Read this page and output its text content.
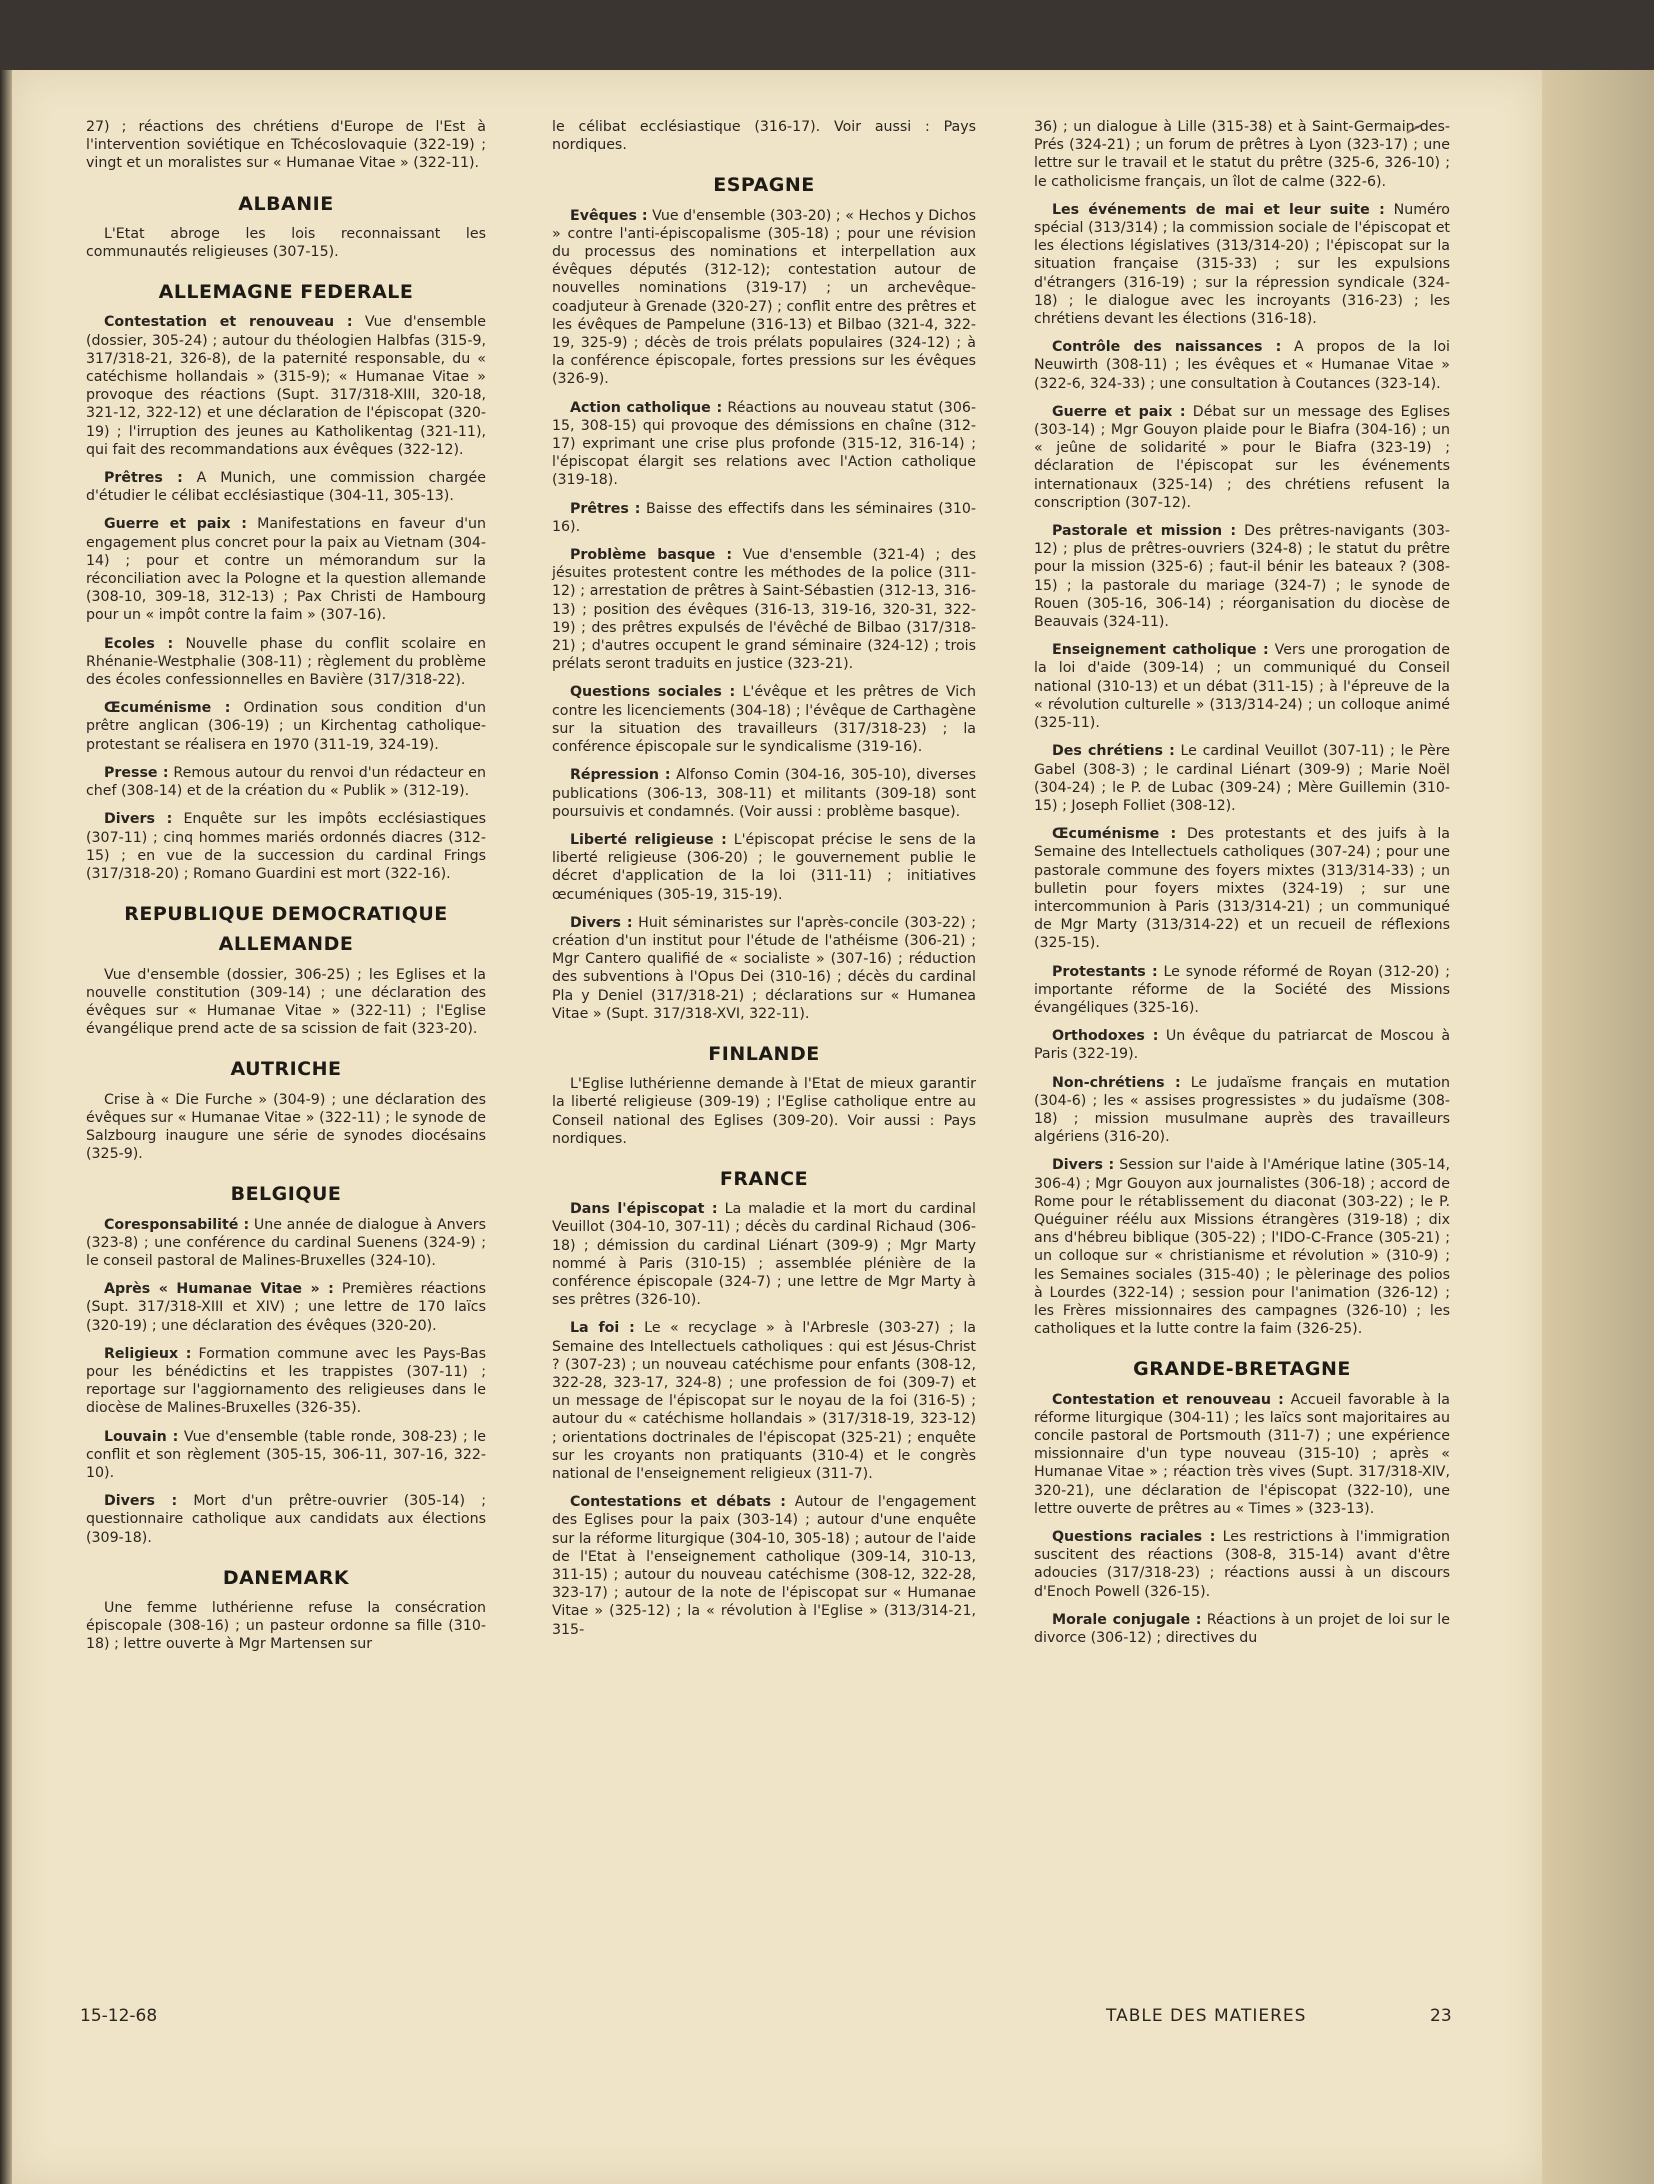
27) ; réactions des chrétiens d'Europe de l'Est à l'intervention soviétique en Tchécoslovaquie (322-19) ; vingt et un moralistes sur « Humanae Vitae » (322-11).

ALBANIE

L'Etat abroge les lois reconnaissant les communautés religieuses (307-15).

ALLEMAGNE FEDERALE

Contestation et renouveau : Vue d'ensemble (dossier, 305-24) ; autour du théologien Halbfas (315-9, 317/318-21, 326-8), de la paternité responsable, du « catéchisme hollandais » (315-9); « Humanae Vitae » provoque des réactions (Supt. 317/318-XIII, 320-18, 321-12, 322-12) et une déclaration de l'épiscopat (320-19) ; l'irruption des jeunes au Katholikentag (321-11), qui fait des recommandations aux évêques (322-12).

Prêtres : A Munich, une commission chargée d'étudier le célibat ecclésiastique (304-11, 305-13).

Guerre et paix : Manifestations en faveur d'un engagement plus concret pour la paix au Vietnam (304-14) ; pour et contre un mémorandum sur la réconciliation avec la Pologne et la question allemande (308-10, 309-18, 312-13) ; Pax Christi de Hambourg pour un « impôt contre la faim » (307-16).

Ecoles : Nouvelle phase du conflit scolaire en Rhénanie-Westphalie (308-11) ; règlement du problème des écoles confessionnelles en Bavière (317/318-22).

Œcuménisme : Ordination sous condition d'un prêtre anglican (306-19) ; un Kirchentag catholique-protestant se réalisera en 1970 (311-19, 324-19).

Presse : Remous autour du renvoi d'un rédacteur en chef (308-14) et de la création du « Publik » (312-19).

Divers : Enquête sur les impôts ecclésiastiques (307-11) ; cinq hommes mariés ordonnés diacres (312-15) ; en vue de la succession du cardinal Frings (317/318-20) ; Romano Guardini est mort (322-16).

REPUBLIQUE DEMOCRATIQUE
ALLEMANDE

Vue d'ensemble (dossier, 306-25) ; les Eglises et la nouvelle constitution (309-14) ; une déclaration des évêques sur « Humanae Vitae » (322-11) ; l'Eglise évangélique prend acte de sa scission de fait (323-20).

AUTRICHE

Crise à « Die Furche » (304-9) ; une déclaration des évêques sur « Humanae Vitae » (322-11) ; le synode de Salzbourg inaugure une série de synodes diocésains (325-9).

BELGIQUE

Coresponsabilité : Une année de dialogue à Anvers (323-8) ; une conférence du cardinal Suenens (324-9) ; le conseil pastoral de Malines-Bruxelles (324-10).

Après « Humanae Vitae » : Premières réactions (Supt. 317/318-XIII et XIV) ; une lettre de 170 laïcs (320-19) ; une déclaration des évêques (320-20).

Religieux : Formation commune avec les Pays-Bas pour les bénédictins et les trappistes (307-11) ; reportage sur l'aggiornamento des religieuses dans le diocèse de Malines-Bruxelles (326-35).

Louvain : Vue d'ensemble (table ronde, 308-23) ; le conflit et son règlement (305-15, 306-11, 307-16, 322-10).

Divers : Mort d'un prêtre-ouvrier (305-14) ; questionnaire catholique aux candidats aux élections (309-18).

DANEMARK

Une femme luthérienne refuse la consécration épiscopale (308-16) ; un pasteur ordonne sa fille (310-18) ; lettre ouverte à Mgr Martensen sur

le célibat ecclésiastique (316-17). Voir aussi : Pays nordiques.

ESPAGNE

Evêques : Vue d'ensemble (303-20) ; « Hechos y Dichos » contre l'anti-épiscopalisme (305-18) ; pour une révision du processus des nominations et interpellation aux évêques députés (312-12); contestation autour de nouvelles nominations (319-17) ; un archevêque-coadjuteur à Grenade (320-27) ; conflit entre des prêtres et les évêques de Pampelune (316-13) et Bilbao (321-4, 322-19, 325-9) ; décès de trois prélats populaires (324-12) ; à la conférence épiscopale, fortes pressions sur les évêques (326-9).

Action catholique : Réactions au nouveau statut (306-15, 308-15) qui provoque des démissions en chaîne (312-17) exprimant une crise plus profonde (315-12, 316-14) ; l'épiscopat élargit ses relations avec l'Action catholique (319-18).

Prêtres : Baisse des effectifs dans les séminaires (310-16).

Problème basque : Vue d'ensemble (321-4) ; des jésuites protestent contre les méthodes de la police (311-12) ; arrestation de prêtres à Saint-Sébastien (312-13, 316-13) ; position des évêques (316-13, 319-16, 320-31, 322-19) ; des prêtres expulsés de l'évêché de Bilbao (317/318-21) ; d'autres occupent le grand séminaire (324-12) ; trois prélats seront traduits en justice (323-21).

Questions sociales : L'évêque et les prêtres de Vich contre les licenciements (304-18) ; l'évêque de Carthagène sur la situation des travailleurs (317/318-23) ; la conférence épiscopale sur le syndicalisme (319-16).

Répression : Alfonso Comin (304-16, 305-10), diverses publications (306-13, 308-11) et militants (309-18) sont poursuivis et condamnés. (Voir aussi : problème basque).

Liberté religieuse : L'épiscopat précise le sens de la liberté religieuse (306-20) ; le gouvernement publie le décret d'application de la loi (311-11) ; initiatives œcuméniques (305-19, 315-19).

Divers : Huit séminaristes sur l'après-concile (303-22) ; création d'un institut pour l'étude de l'athéisme (306-21) ; Mgr Cantero qualifié de « socialiste » (307-16) ; réduction des subventions à l'Opus Dei (310-16) ; décès du cardinal Pla y Deniel (317/318-21) ; déclarations sur « Humanea Vitae » (Supt. 317/318-XVI, 322-11).

FINLANDE

L'Eglise luthérienne demande à l'Etat de mieux garantir la liberté religieuse (309-19) ; l'Eglise catholique entre au Conseil national des Eglises (309-20). Voir aussi : Pays nordiques.

FRANCE

Dans l'épiscopat : La maladie et la mort du cardinal Veuillot (304-10, 307-11) ; décès du cardinal Richaud (306-18) ; démission du cardinal Liénart (309-9) ; Mgr Marty nommé à Paris (310-15) ; assemblée plénière de la conférence épiscopale (324-7) ; une lettre de Mgr Marty à ses prêtres (326-10).

La foi : Le « recyclage » à l'Arbresle (303-27) ; la Semaine des Intellectuels catholiques : qui est Jésus-Christ ? (307-23) ; un nouveau catéchisme pour enfants (308-12, 322-28, 323-17, 324-8) ; une profession de foi (309-7) et un message de l'épiscopat sur le noyau de la foi (316-5) ; autour du « catéchisme hollandais » (317/318-19, 323-12) ; orientations doctrinales de l'épiscopat (325-21) ; enquête sur les croyants non pratiquants (310-4) et le congrès national de l'enseignement religieux (311-7).

Contestations et débats : Autour de l'engagement des Eglises pour la paix (303-14) ; autour d'une enquête sur la réforme liturgique (304-10, 305-18) ; autour de l'aide de l'Etat à l'enseignement catholique (309-14, 310-13, 311-15) ; autour du nouveau catéchisme (308-12, 322-28, 323-17) ; autour de la note de l'épiscopat sur « Humanae Vitae » (325-12) ; la « révolution à l'Eglise » (313/314-21, 315-

36) ; un dialogue à Lille (315-38) et à Saint-Germain-des-Prés (324-21) ; un forum de prêtres à Lyon (323-17) ; une lettre sur le travail et le statut du prêtre (325-6, 326-10) ; le catholicisme français, un îlot de calme (322-6).

Les événements de mai et leur suite : Numéro spécial (313/314) ; la commission sociale de l'épiscopat et les élections législatives (313/314-20) ; l'épiscopat sur la situation française (315-33) ; sur les expulsions d'étrangers (316-19) ; sur la répression syndicale (324-18) ; le dialogue avec les incroyants (316-23) ; les chrétiens devant les élections (316-18).

Contrôle des naissances : A propos de la loi Neuwirth (308-11) ; les évêques et « Humanae Vitae » (322-6, 324-33) ; une consultation à Coutances (323-14).

Guerre et paix : Débat sur un message des Eglises (303-14) ; Mgr Gouyon plaide pour le Biafra (304-16) ; un « jeûne de solidarité » pour le Biafra (323-19) ; déclaration de l'épiscopat sur les événements internationaux (325-14) ; des chrétiens refusent la conscription (307-12).

Pastorale et mission : Des prêtres-navigants (303-12) ; plus de prêtres-ouvriers (324-8) ; le statut du prêtre pour la mission (325-6) ; faut-il bénir les bateaux ? (308-15) ; la pastorale du mariage (324-7) ; le synode de Rouen (305-16, 306-14) ; réorganisation du diocèse de Beauvais (324-11).

Enseignement catholique : Vers une prorogation de la loi d'aide (309-14) ; un communiqué du Conseil national (310-13) et un débat (311-15) ; à l'épreuve de la « révolution culturelle » (313/314-24) ; un colloque animé (325-11).

Des chrétiens : Le cardinal Veuillot (307-11) ; le Père Gabel (308-3) ; le cardinal Liénart (309-9) ; Marie Noël (304-24) ; le P. de Lubac (309-24) ; Mère Guillemin (310-15) ; Joseph Folliet (308-12).

Œcuménisme : Des protestants et des juifs à la Semaine des Intellectuels catholiques (307-24) ; pour une pastorale commune des foyers mixtes (313/314-33) ; un bulletin pour foyers mixtes (324-19) ; sur une intercommunion à Paris (313/314-21) ; un communiqué de Mgr Marty (313/314-22) et un recueil de réflexions (325-15).

Protestants : Le synode réformé de Royan (312-20) ; importante réforme de la Société des Missions évangéliques (325-16).

Orthodoxes : Un évêque du patriarcat de Moscou à Paris (322-19).

Non-chrétiens : Le judaïsme français en mutation (304-6) ; les « assises progressistes » du judaïsme (308-18) ; mission musulmane auprès des travailleurs algériens (316-20).

Divers : Session sur l'aide à l'Amérique latine (305-14, 306-4) ; Mgr Gouyon aux journalistes (306-18) ; accord de Rome pour le rétablissement du diaconat (303-22) ; le P. Quéguiner réélu aux Missions étrangères (319-18) ; dix ans d'hébreu biblique (305-22) ; l'IDO-C-France (305-21) ; un colloque sur « christianisme et révolution » (310-9) ; les Semaines sociales (315-40) ; le pèlerinage des polios à Lourdes (322-14) ; session pour l'animation (326-12) ; les Frères missionnaires des campagnes (326-10) ; les catholiques et la lutte contre la faim (326-25).

GRANDE-BRETAGNE

Contestation et renouveau : Accueil favorable à la réforme liturgique (304-11) ; les laïcs sont majoritaires au concile pastoral de Portsmouth (311-7) ; une expérience missionnaire d'un type nouveau (315-10) ; après « Humanae Vitae » ; réaction très vives (Supt. 317/318-XIV, 320-21), une déclaration de l'épiscopat (322-10), une lettre ouverte de prêtres au « Times » (323-13).

Questions raciales : Les restrictions à l'immigration suscitent des réactions (308-8, 315-14) avant d'être adoucies (317/318-23) ; réactions aussi à un discours d'Enoch Powell (326-15).

Morale conjugale : Réactions à un projet de loi sur le divorce (306-12) ; directives du

15-12-68	TABLE DES MATIERES	23
